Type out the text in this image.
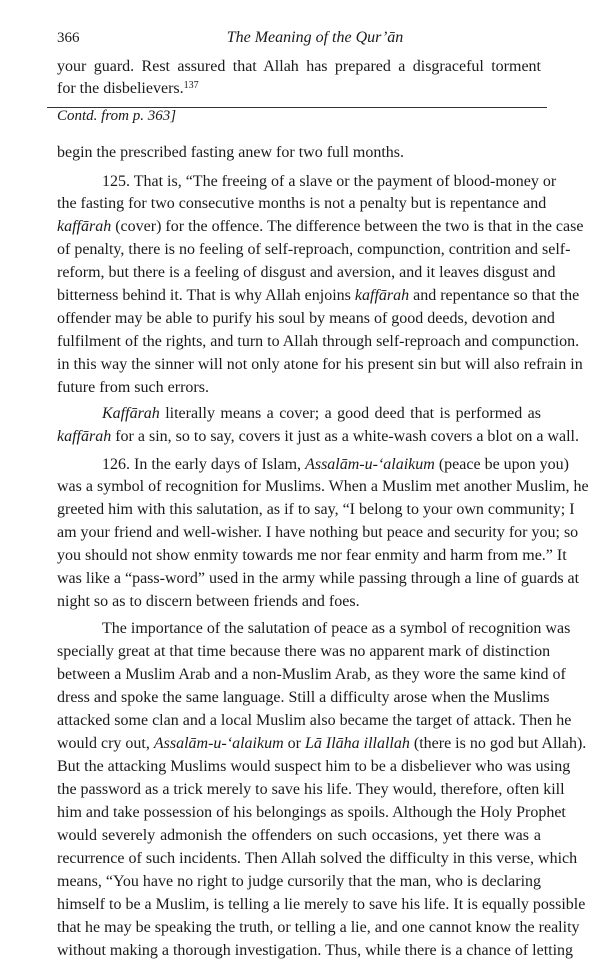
366	The Meaning of the Qur’ān
your guard. Rest assured that Allah has prepared a disgraceful torment
for the disbelievers.$^{137}$
Contd. from p. 363]
begin the prescribed fasting anew for two full months.
125. That is, “The freeing of a slave or the payment of blood-money or
the fasting for two consecutive months is not a penalty but is repentance and
kaffārah (cover) for the offence. The difference between the two is that in the case
of penalty, there is no feeling of self-reproach, compunction, contrition and self-
reform, but there is a feeling of disgust and aversion, and it leaves disgust and
bitterness behind it. That is why Allah enjoins kaffārah and repentance so that the
offender may be able to purify his soul by means of good deeds, devotion and
fulfilment of the rights, and turn to Allah through self-reproach and compunction.
in this way the sinner will not only atone for his present sin but will also refrain in
future from such errors.
Kaffārah literally means a cover; a good deed that is performed as
kaffārah for a sin, so to say, covers it just as a white-wash covers a blot on a wall.
126. In the early days of Islam, Assalām-u-‘alaikum (peace be upon you)
was a symbol of recognition for Muslims. When a Muslim met another Muslim, he
greeted him with this salutation, as if to say, “I belong to your own community; I
am your friend and well-wisher. I have nothing but peace and security for you; so
you should not show enmity towards me nor fear enmity and harm from me.” It
was like a “pass-word” used in the army while passing through a line of guards at
night so as to discern between friends and foes.
The importance of the salutation of peace as a symbol of recognition was
specially great at that time because there was no apparent mark of distinction
between a Muslim Arab and a non-Muslim Arab, as they wore the same kind of
dress and spoke the same language. Still a difficulty arose when the Muslims
attacked some clan and a local Muslim also became the target of attack. Then he
would cry out, Assalām-u-‘alaikum or Lā Ilāha illallah (there is no god but Allah).
But the attacking Muslims would suspect him to be a disbeliever who was using
the password as a trick merely to save his life. They would, therefore, often kill
him and take possession of his belongings as spoils. Although the Holy Prophet
would severely admonish the offenders on such occasions, yet there was a
recurrence of such incidents. Then Allah solved the difficulty in this verse, which
means, “You have no right to judge cursorily that the man, who is declaring
himself to be a Muslim, is telling a lie merely to save his life. It is equally possible
that he may be speaking the truth, or telling a lie, and one cannot know the reality
without making a thorough investigation. Thus, while there is a chance of letting
